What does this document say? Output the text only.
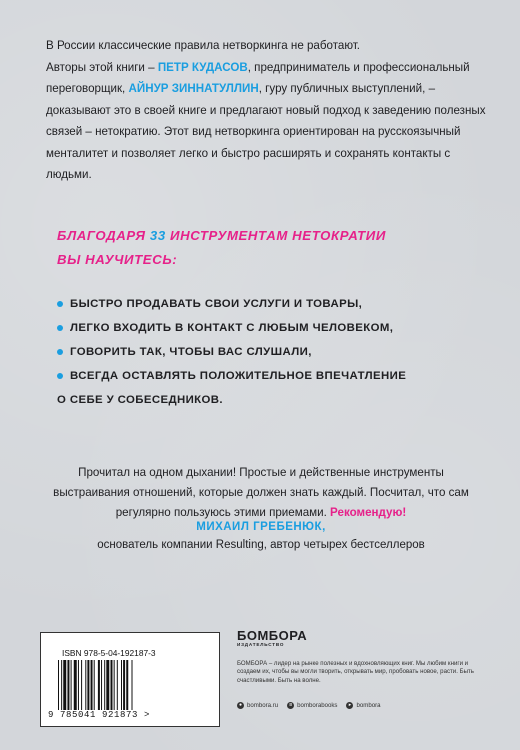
В России классические правила нетворкинга не работают.
Авторы этой книги – ПЕТР КУДАСОВ, предприниматель и профессиональный переговорщик, АЙНУР ЗИННАТУЛЛИН, гуру публичных выступлений, – доказывают это в своей книге и предлагают новый подход к заведению полезных связей – нетократию. Этот вид нетворкинга ориентирован на русскоязычный менталитет и позволяет легко и быстро расширять и сохранять контакты с людьми.
БЛАГОДАРЯ 33 ИНСТРУМЕНТАМ НЕТОКРАТИИ
ВЫ НАУЧИТЕСЬ:
БЫСТРО ПРОДАВАТЬ СВОИ УСЛУГИ И ТОВАРЫ,
ЛЕГКО ВХОДИТЬ В КОНТАКТ С ЛЮБЫМ ЧЕЛОВЕКОМ,
ГОВОРИТЬ ТАК, ЧТОБЫ ВАС СЛУШАЛИ,
ВСЕГДА ОСТАВЛЯТЬ ПОЛОЖИТЕЛЬНОЕ ВПЕЧАТЛЕНИЕ
О СЕБЕ У СОБЕСЕДНИКОВ.
Прочитал на одном дыхании! Простые и действенные инструменты выстраивания отношений, которые должен знать каждый. Посчитал, что сам регулярно пользуюсь этими приемами. Рекомендую!
МИХАИЛ ГРЕБЕНЮК,
основатель компании Resulting, автор четырех бестселлеров
ISBN 978-5-04-192187-3
9 785041 921873 >
БОМБОРА
ИЗДАТЕЛЬСТВО
БОМБОРА – лидер на рынке полезных и вдохновляющих книг. Мы любим книги и создаем их, чтобы вы могли творить, открывать мир, пробовать новое, расти. Быть счастливыми. Быть на волне.
● bombora.ru	в bomborabooks	▸ bombora
